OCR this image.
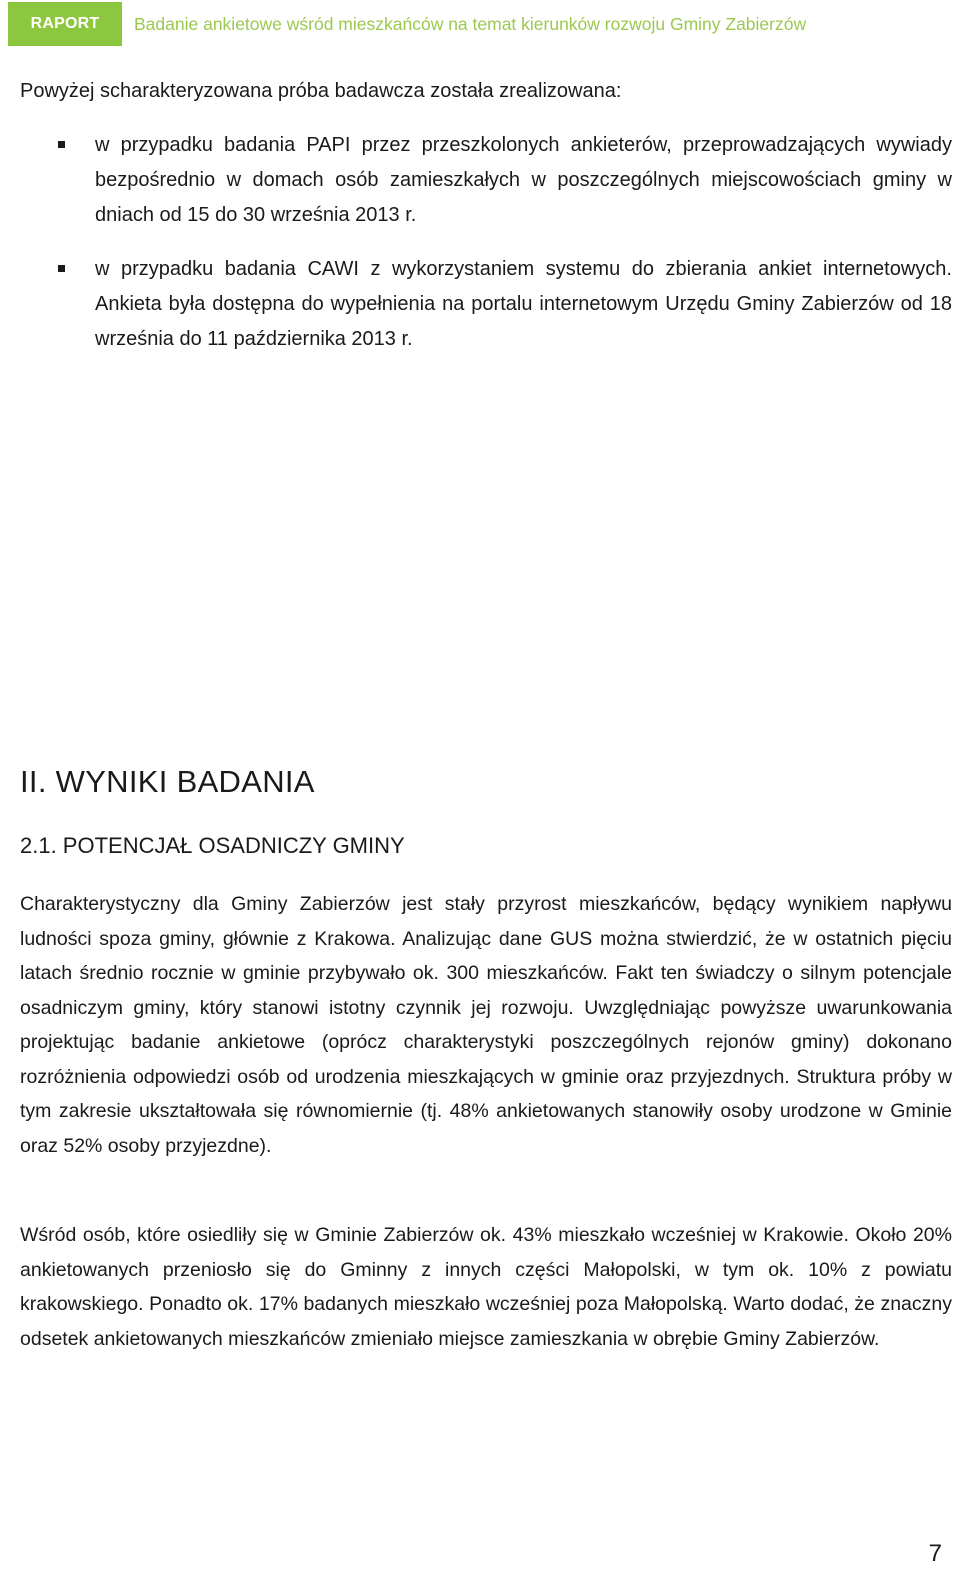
RAPORT	Badanie ankietowe wśród mieszkańców na temat kierunków rozwoju Gminy Zabierzów

Powyżej scharakteryzowana próba badawcza została zrealizowana:

w przypadku badania PAPI przez przeszkolonych ankieterów, przeprowadzających wywiady bezpośrednio w domach osób zamieszkałych w poszczególnych miejscowościach gminy w dniach od 15 do 30 września 2013 r.
w przypadku badania CAWI z wykorzystaniem systemu do zbierania ankiet internetowych. Ankieta była dostępna do wypełnienia na portalu internetowym Urzędu Gminy Zabierzów od 18 września do 11 października 2013 r.
II. WYNIKI BADANIA
2.1. POTENCJAŁ OSADNICZY GMINY

Charakterystyczny dla Gminy Zabierzów jest stały przyrost mieszkańców, będący wynikiem napływu ludności spoza gminy, głównie z Krakowa. Analizując dane GUS można stwierdzić, że w ostatnich pięciu latach średnio rocznie w gminie przybywało ok. 300 mieszkańców. Fakt ten świadczy o silnym potencjale osadniczym gminy, który stanowi istotny czynnik jej rozwoju. Uwzględniając powyższe uwarunkowania projektując badanie ankietowe (oprócz charakterystyki poszczególnych rejonów gminy) dokonano rozróżnienia odpowiedzi osób od urodzenia mieszkających w gminie oraz przyjezdnych. Struktura próby w tym zakresie ukształtowała się równomiernie (tj. 48% ankietowanych stanowiły osoby urodzone w Gminie oraz 52% osoby przyjezdne).

Wśród osób, które osiedliły się w Gminie Zabierzów ok. 43% mieszkało wcześniej w Krakowie. Około 20% ankietowanych przeniosło się do Gminny z innych części Małopolski, w tym ok. 10% z powiatu krakowskiego. Ponadto ok. 17% badanych mieszkało wcześniej poza Małopolską. Warto dodać, że znaczny odsetek ankietowanych mieszkańców zmieniało miejsce zamieszkania w obrębie Gminy Zabierzów.

7
